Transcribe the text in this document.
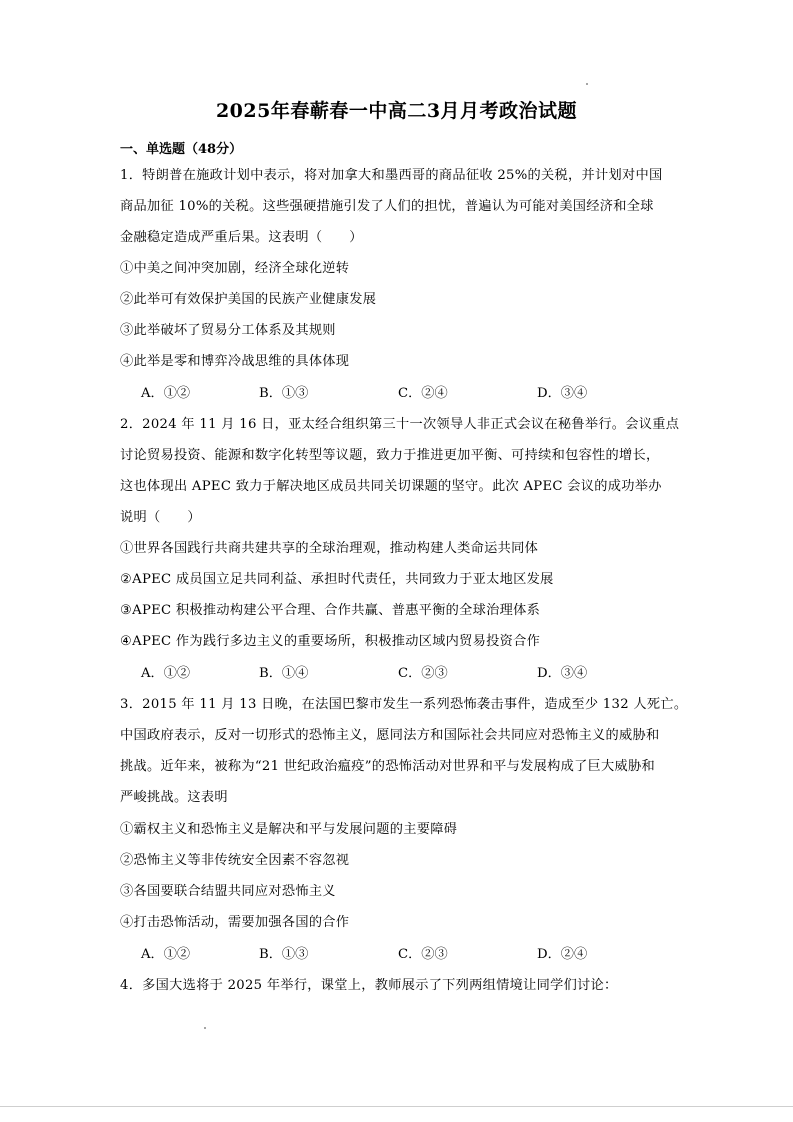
2025年春蕲春一中高二3月月考政治试题
一、单选题（48分）
1．特朗普在施政计划中表示，将对加拿大和墨西哥的商品征收 25%的关税，并计划对中国
商品加征 10%的关税。这些强硬措施引发了人们的担忧，普遍认为可能对美国经济和全球
金融稳定造成严重后果。这表明（　　）
①中美之间冲突加剧，经济全球化逆转
②此举可有效保护美国的民族产业健康发展
③此举破坏了贸易分工体系及其规则
④此举是零和博弈冷战思维的具体体现
A．①②	B．①③	C．②④	D．③④
2．2024 年 11 月 16 日，亚太经合组织第三十一次领导人非正式会议在秘鲁举行。会议重点
讨论贸易投资、能源和数字化转型等议题，致力于推进更加平衡、可持续和包容性的增长，
这也体现出 APEC 致力于解决地区成员共同关切课题的坚守。此次 APEC 会议的成功举办
说明（　　）
①世界各国践行共商共建共享的全球治理观，推动构建人类命运共同体
②APEC 成员国立足共同利益、承担时代责任，共同致力于亚太地区发展
③APEC 积极推动构建公平合理、合作共赢、普惠平衡的全球治理体系
④APEC 作为践行多边主义的重要场所，积极推动区域内贸易投资合作
A．①②	B．①④	C．②③	D．③④
3．2015 年 11 月 13 日晚，在法国巴黎市发生一系列恐怖袭击事件，造成至少 132 人死亡。
中国政府表示，反对一切形式的恐怖主义，愿同法方和国际社会共同应对恐怖主义的威胁和
挑战。近年来，被称为“21 世纪政治瘟疫”的恐怖活动对世界和平与发展构成了巨大威胁和
严峻挑战。这表明
①霸权主义和恐怖主义是解决和平与发展问题的主要障碍
②恐怖主义等非传统安全因素不容忽视
③各国要联合结盟共同应对恐怖主义
④打击恐怖活动，需要加强各国的合作
A．①②	B．①③	C．②③	D．②④
4．多国大选将于 2025 年举行，课堂上，教师展示了下列两组情境让同学们讨论：
